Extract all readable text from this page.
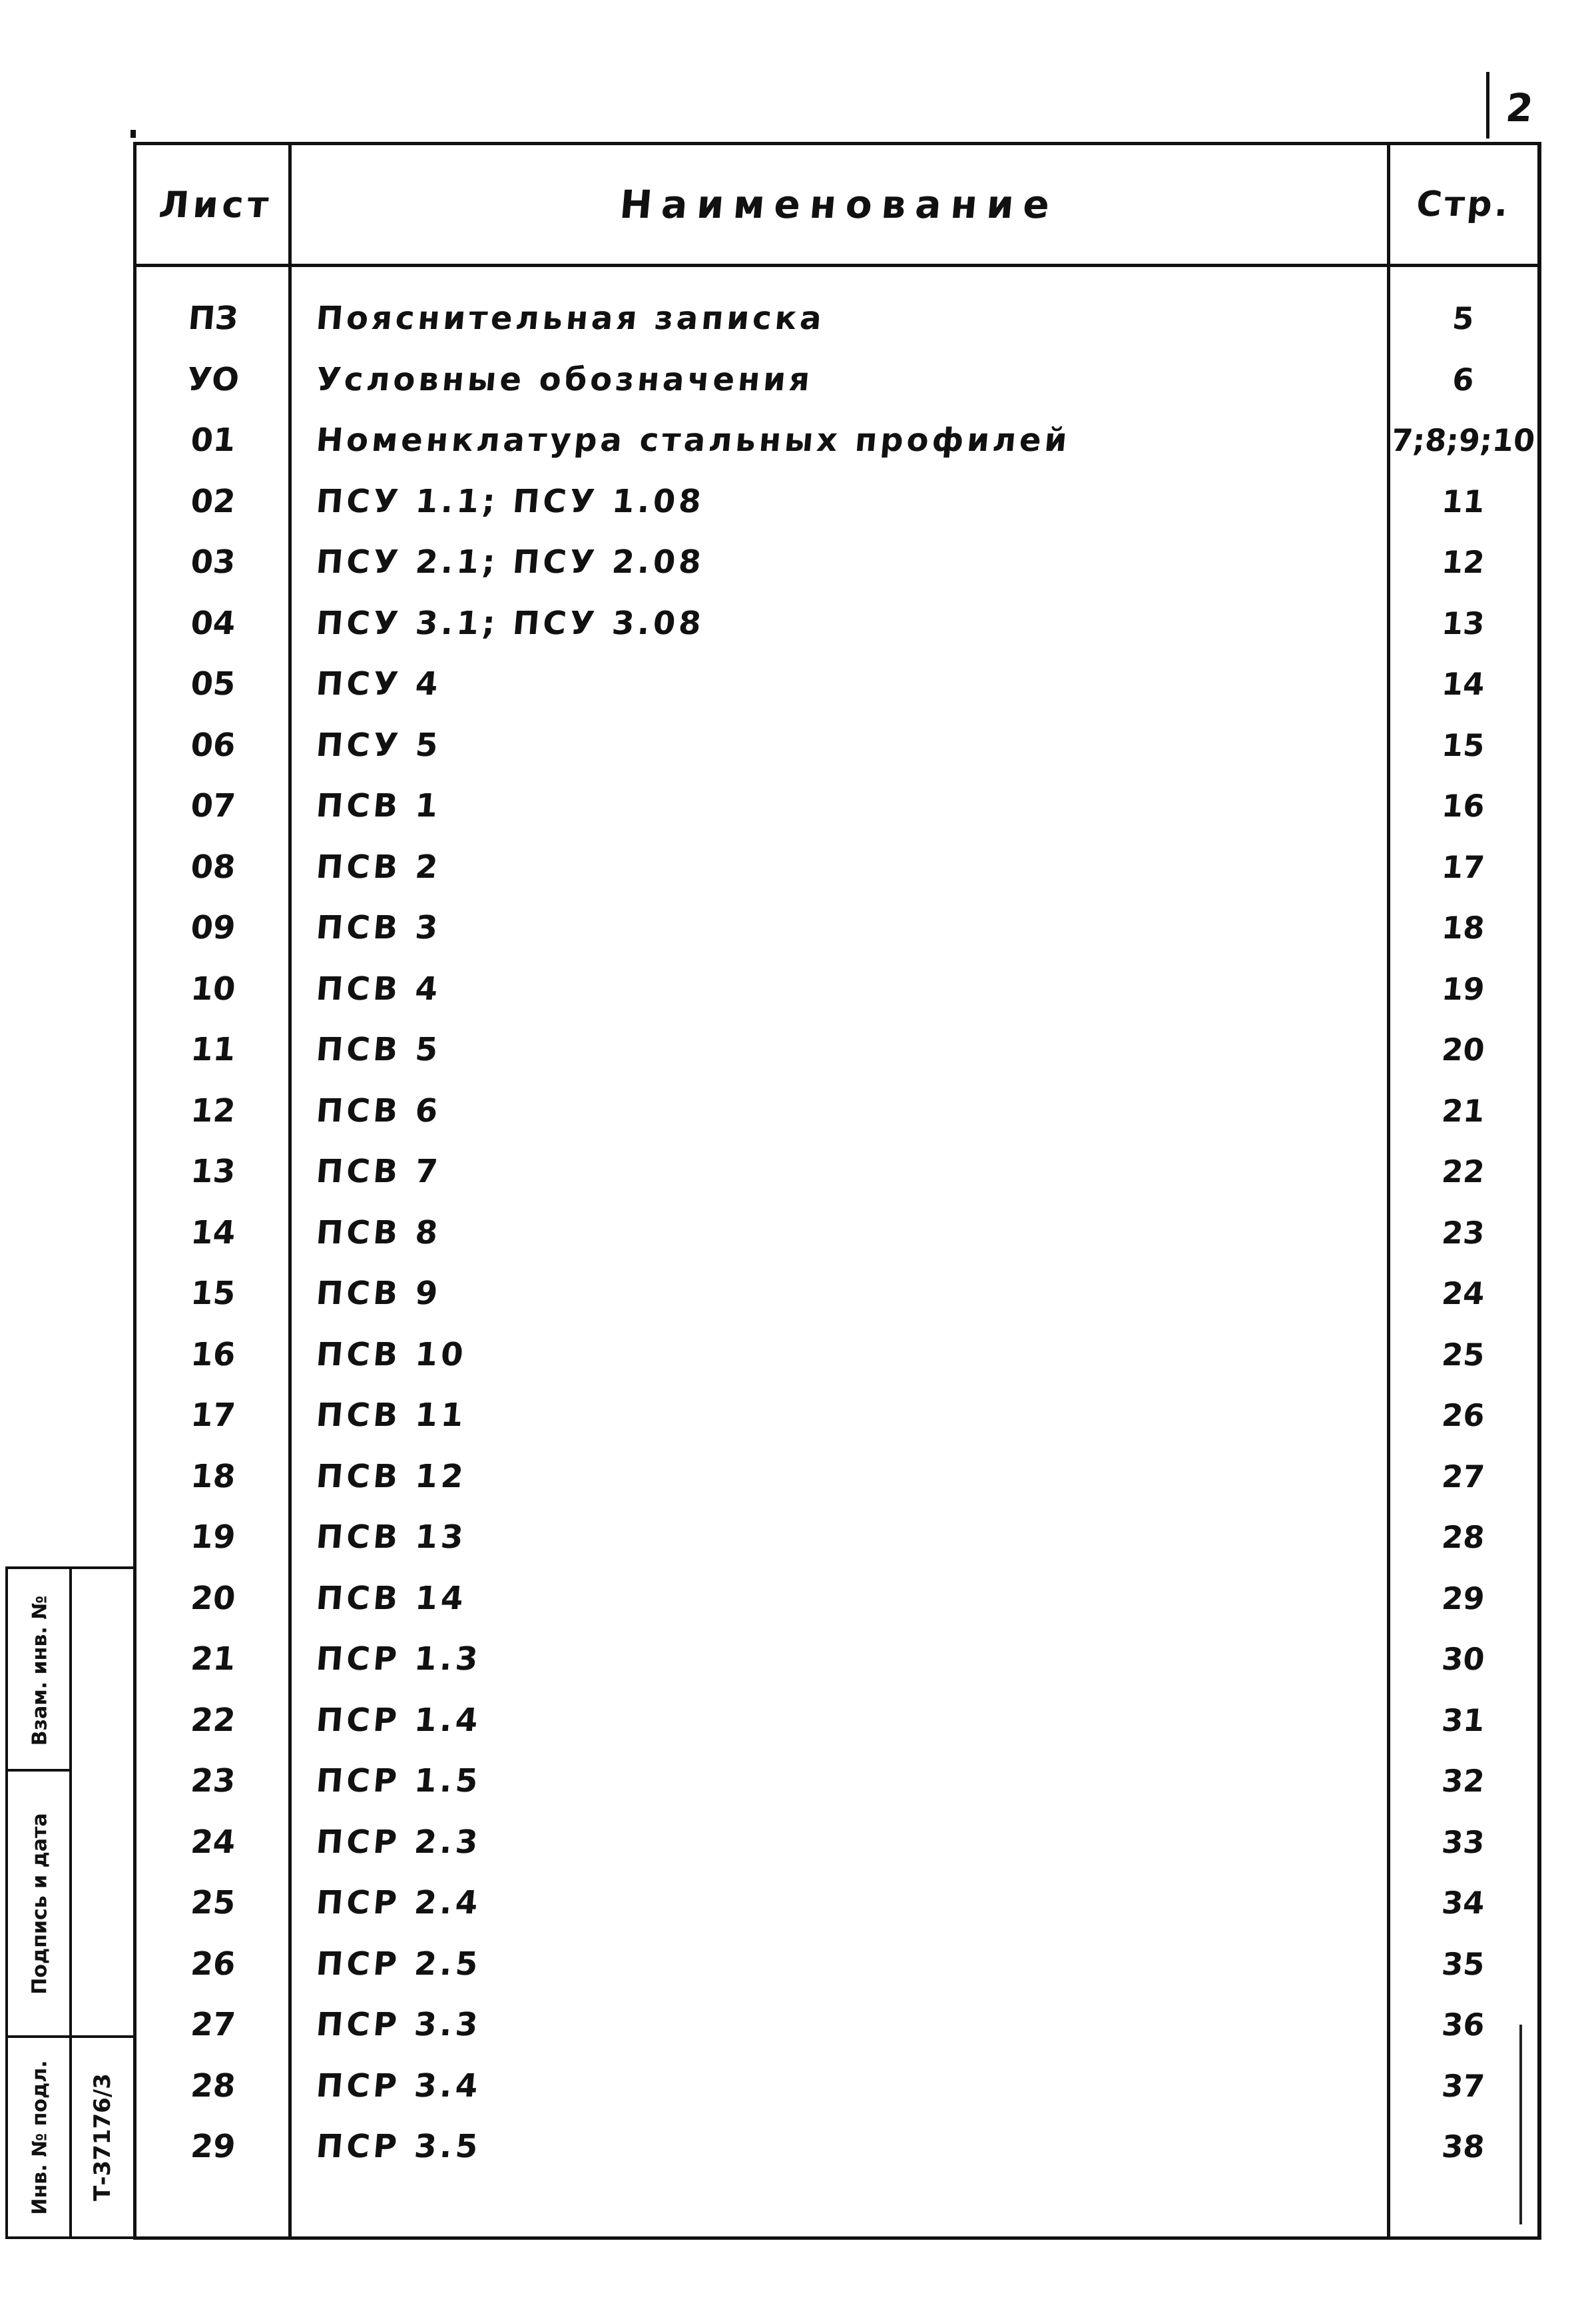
2
Лист	Наименование	Стр.
ПЗ	Пояснительная записка	5
УО	Условные обозначения	6
01	Номенклатура стальных профилей	7;8;9;10
02	ПСУ 1.1; ПСУ 1.08	11
03	ПСУ 2.1; ПСУ 2.08	12
04	ПСУ 3.1; ПСУ 3.08	13
05	ПСУ 4	14
06	ПСУ 5	15
07	ПСВ 1	16
08	ПСВ 2	17
09	ПСВ 3	18
10	ПСВ 4	19
11	ПСВ 5	20
12	ПСВ 6	21
13	ПСВ 7	22
14	ПСВ 8	23
15	ПСВ 9	24
16	ПСВ 10	25
17	ПСВ 11	26
18	ПСВ 12	27
19	ПСВ 13	28
20	ПСВ 14	29
21	ПСР 1.3	30
22	ПСР 1.4	31
23	ПСР 1.5	32
24	ПСР 2.3	33
25	ПСР 2.4	34
26	ПСР 2.5	35
27	ПСР 3.3	36
28	ПСР 3.4	37
29	ПСР 3.5	38
Взам. инв. №
Подпись и дата
Инв. № подл. Т-37176/3
